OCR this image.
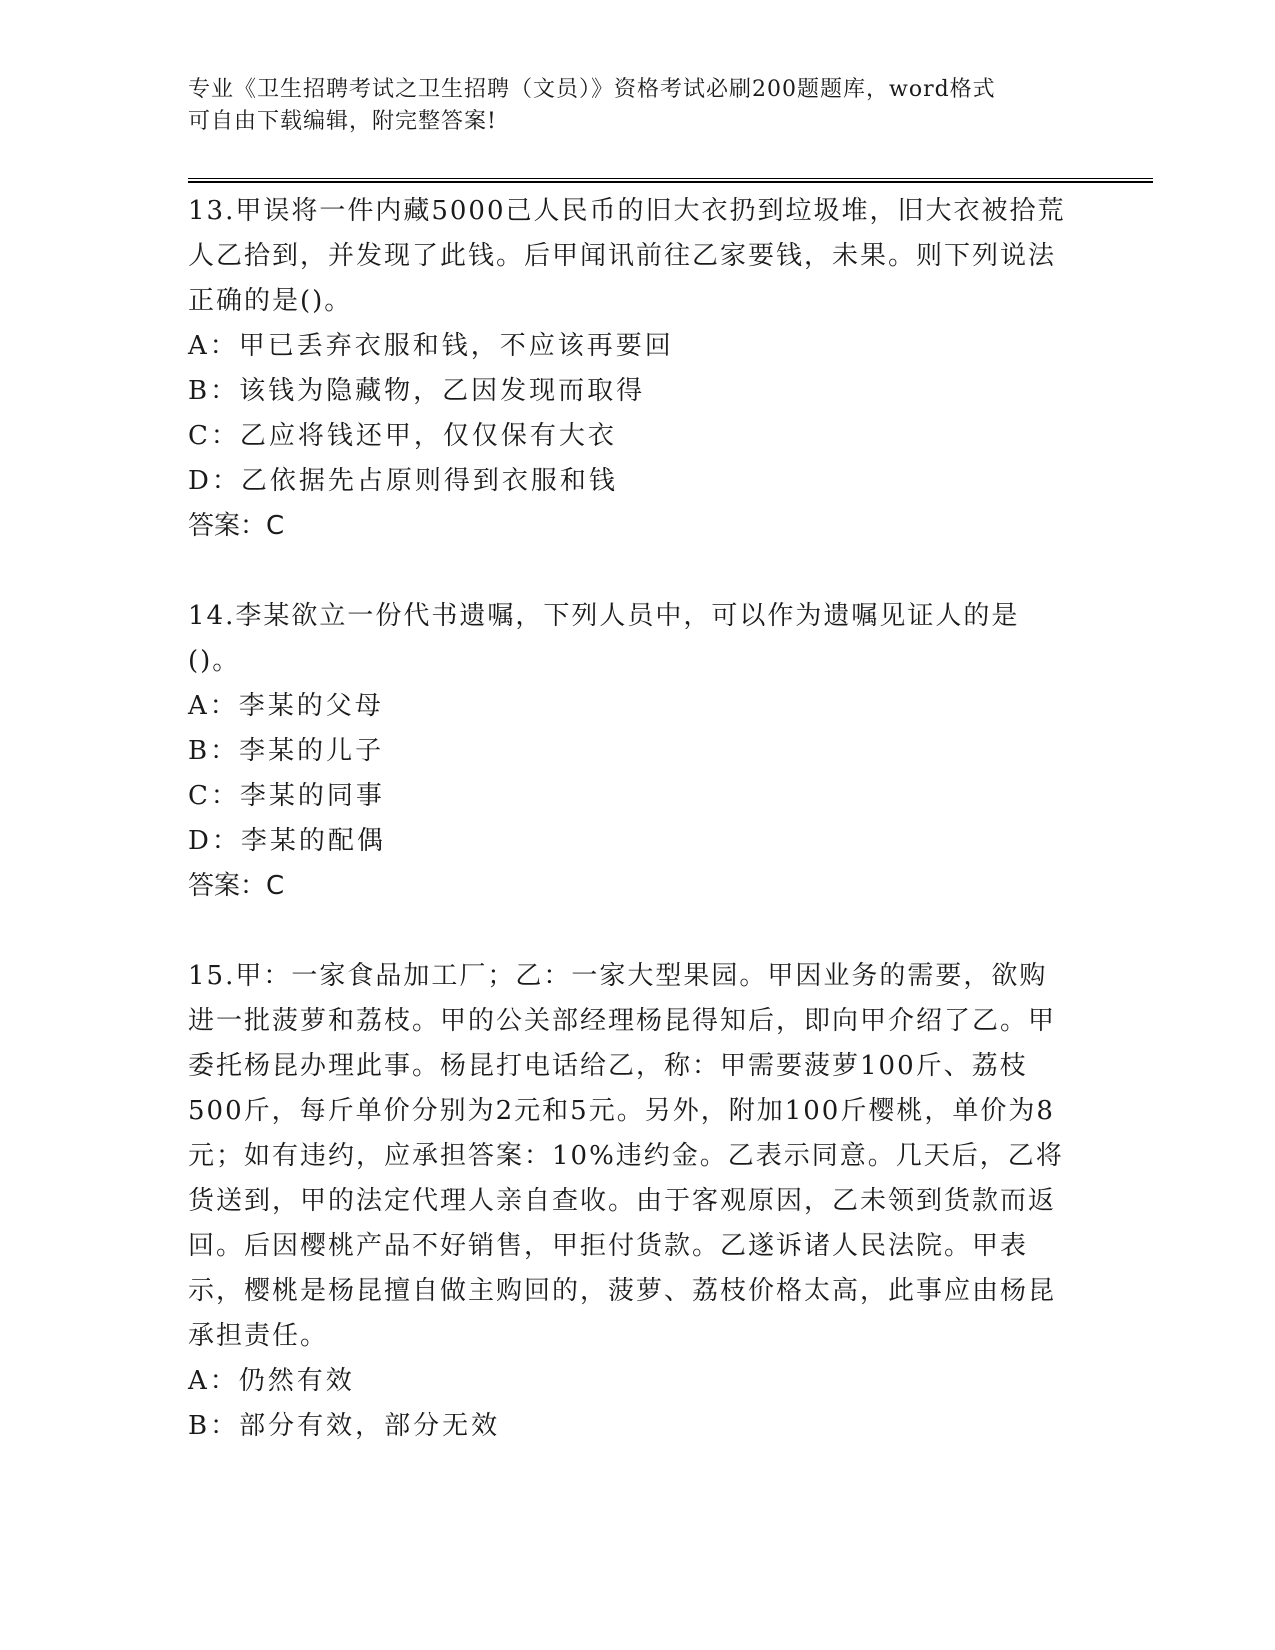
专业《卫生招聘考试之卫生招聘（文员）》资格考试必刷200题题库，word格式
可自由下载编辑，附完整答案!

13.甲误将一件内藏5000己人民币的旧大衣扔到垃圾堆，旧大衣被拾荒人乙拾到，并发现了此钱。后甲闻讯前往乙家要钱，未果。则下列说法正确的是()。

A：甲已丢弃衣服和钱，不应该再要回

B：该钱为隐藏物，乙因发现而取得

C：乙应将钱还甲，仅仅保有大衣

D：乙依据先占原则得到衣服和钱

答案：C

14.李某欲立一份代书遗嘱，下列人员中，可以作为遗嘱见证人的是()。

A：李某的父母

B：李某的儿子

C：李某的同事

D：李某的配偶

答案：C

15.甲：一家食品加工厂；乙：一家大型果园。甲因业务的需要，欲购进一批菠萝和荔枝。甲的公关部经理杨昆得知后，即向甲介绍了乙。甲委托杨昆办理此事。杨昆打电话给乙，称：甲需要菠萝100斤、荔枝500斤，每斤单价分别为2元和5元。另外，附加100斤樱桃，单价为8元；如有违约，应承担答案：10%违约金。乙表示同意。几天后，乙将货送到，甲的法定代理人亲自查收。由于客观原因，乙未领到货款而返回。后因樱桃产品不好销售，甲拒付货款。乙遂诉诸人民法院。甲表示，樱桃是杨昆擅自做主购回的，菠萝、荔枝价格太高，此事应由杨昆承担责任。

A：仍然有效

B：部分有效，部分无效
